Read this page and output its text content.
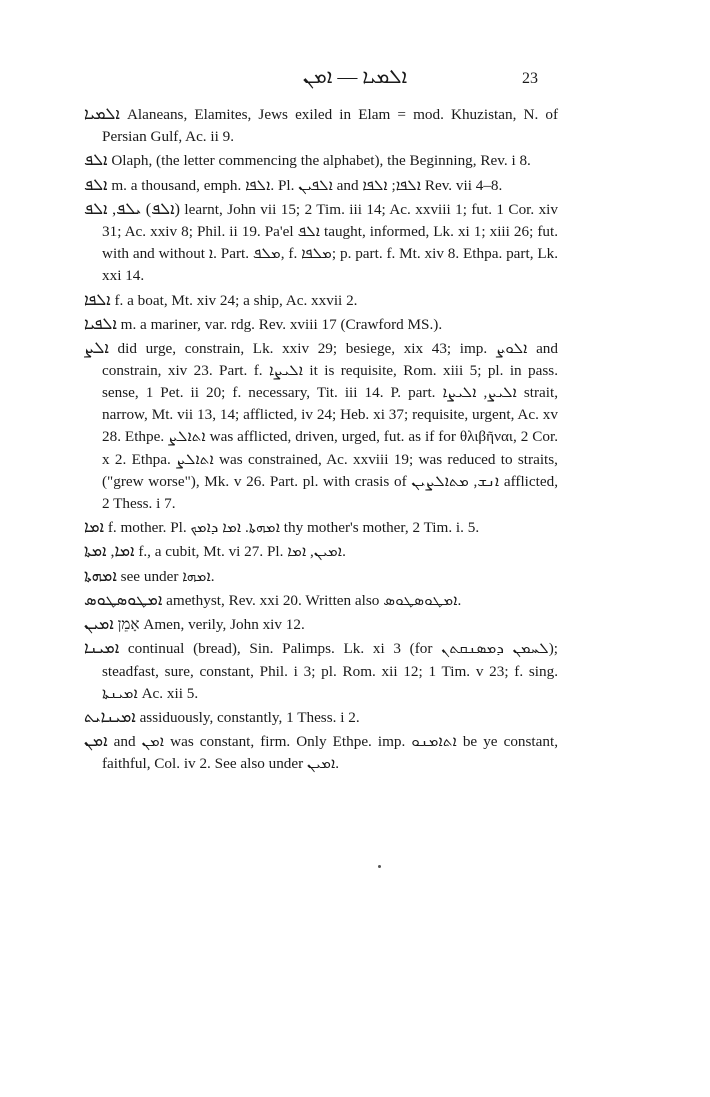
ܐܠܡܝܐ — ܐܡܢ	23

ܐܠܡܝܐ Alaneans, Elamites, Jews exiled in Elam = mod. Khuzistan, N. of Persian Gulf, Ac. ii 9.

ܐܠܦ Olaph, (the letter commencing the alphabet), the Beginning, Rev. i 8.

ܐܠܦ m. a thousand, emph. ܐܠܦܐ. Pl. ܐܠܦܝܢ and ܐܠܦܐ; ܐܠܦܐ Rev. vii 4–8.

(ܐܠܦ) ܝܠܦ, ܐܠܦ learnt, John vii 15; 2 Tim. iii 14; Ac. xxviii 1; fut. 1 Cor. xiv 31; Ac. xxiv 8; Phil. ii 19. Pa'el ܐܠܦ taught, informed, Lk. xi 1; xiii 26; fut. with and without ܐ. Part. ܡܠܦ, f. ܡܠܦܐ; p. part. f. Mt. xiv 8. Ethpa. part, Lk. xxi 14.

ܐܠܦܐ f. a boat, Mt. xiv 24; a ship, Ac. xxvii 2.

ܐܠܦܝܐ m. a mariner, var. rdg. Rev. xviii 17 (Crawford MS.).

ܐܠܨ did urge, constrain, Lk. xxiv 29; besiege, xix 43; imp. ܐܠܘܨ and constrain, xiv 23. Part. f. ܐܠܝܨܐ it is requisite, Rom. xiii 5; pl. in pass. sense, 1 Pet. ii 20; f. necessary, Tit. iii 14. P. part. ܐܠܝܨ, ܐܠܝܨܐ strait, narrow, Mt. vii 13, 14; afflicted, iv 24; Heb. xi 37; requisite, urgent, Ac. xv 28. Ethpe. ܐܬܐܠܨ was afflicted, driven, urged, fut. as if for θλιβῆναι, 2 Cor. x 2. Ethpa. ܐܬܐܠܨ was constrained, Ac. xxviii 19; was reduced to straits, ("grew worse"), Mk. v 26. Part. pl. with crasis of ܐܢܫ, ܡܬܐܠܨܝܢ afflicted, 2 Thess. i 7.

ܐܡܐ f. mother. Pl. ܐܡܗܬܐ. ܐܡܐ ܕܐܡܟ thy mother's mother, 2 Tim. i. 5.

ܐܡܐ, ܐܡܬܐ f., a cubit, Mt. vi 27. Pl. ܐܡܝܢ, ܐܡܐ.

ܐܡܗܬܐ see under ܐܡܗܐ.

ܐܡܛܘܣܛܘܣ amethyst, Rev. xxi 20. Written also ܐܡܛܘܣܛܘܣ.

ܐܡܝܢ אָמֵן Amen, verily, John xiv 12.

ܐܡܝܢܐ continual (bread), Sin. Palimps. Lk. xi 3 (for ܠܚܡܢ ܕܡܣܢܩܬܢ); steadfast, sure, constant, Phil. i 3; pl. Rom. xii 12; 1 Tim. v 23; f. sing. ܐܡܝܢܬܐ Ac. xii 5.

ܐܡܝܢܐܝܬ assiduously, constantly, 1 Thess. i 2.

ܐܡܢ and ܐܡܢ was constant, firm. Only Ethpe. imp. ܐܬܐܡܢܘ be ye constant, faithful, Col. iv 2. See also under ܐܡܝܢ.
